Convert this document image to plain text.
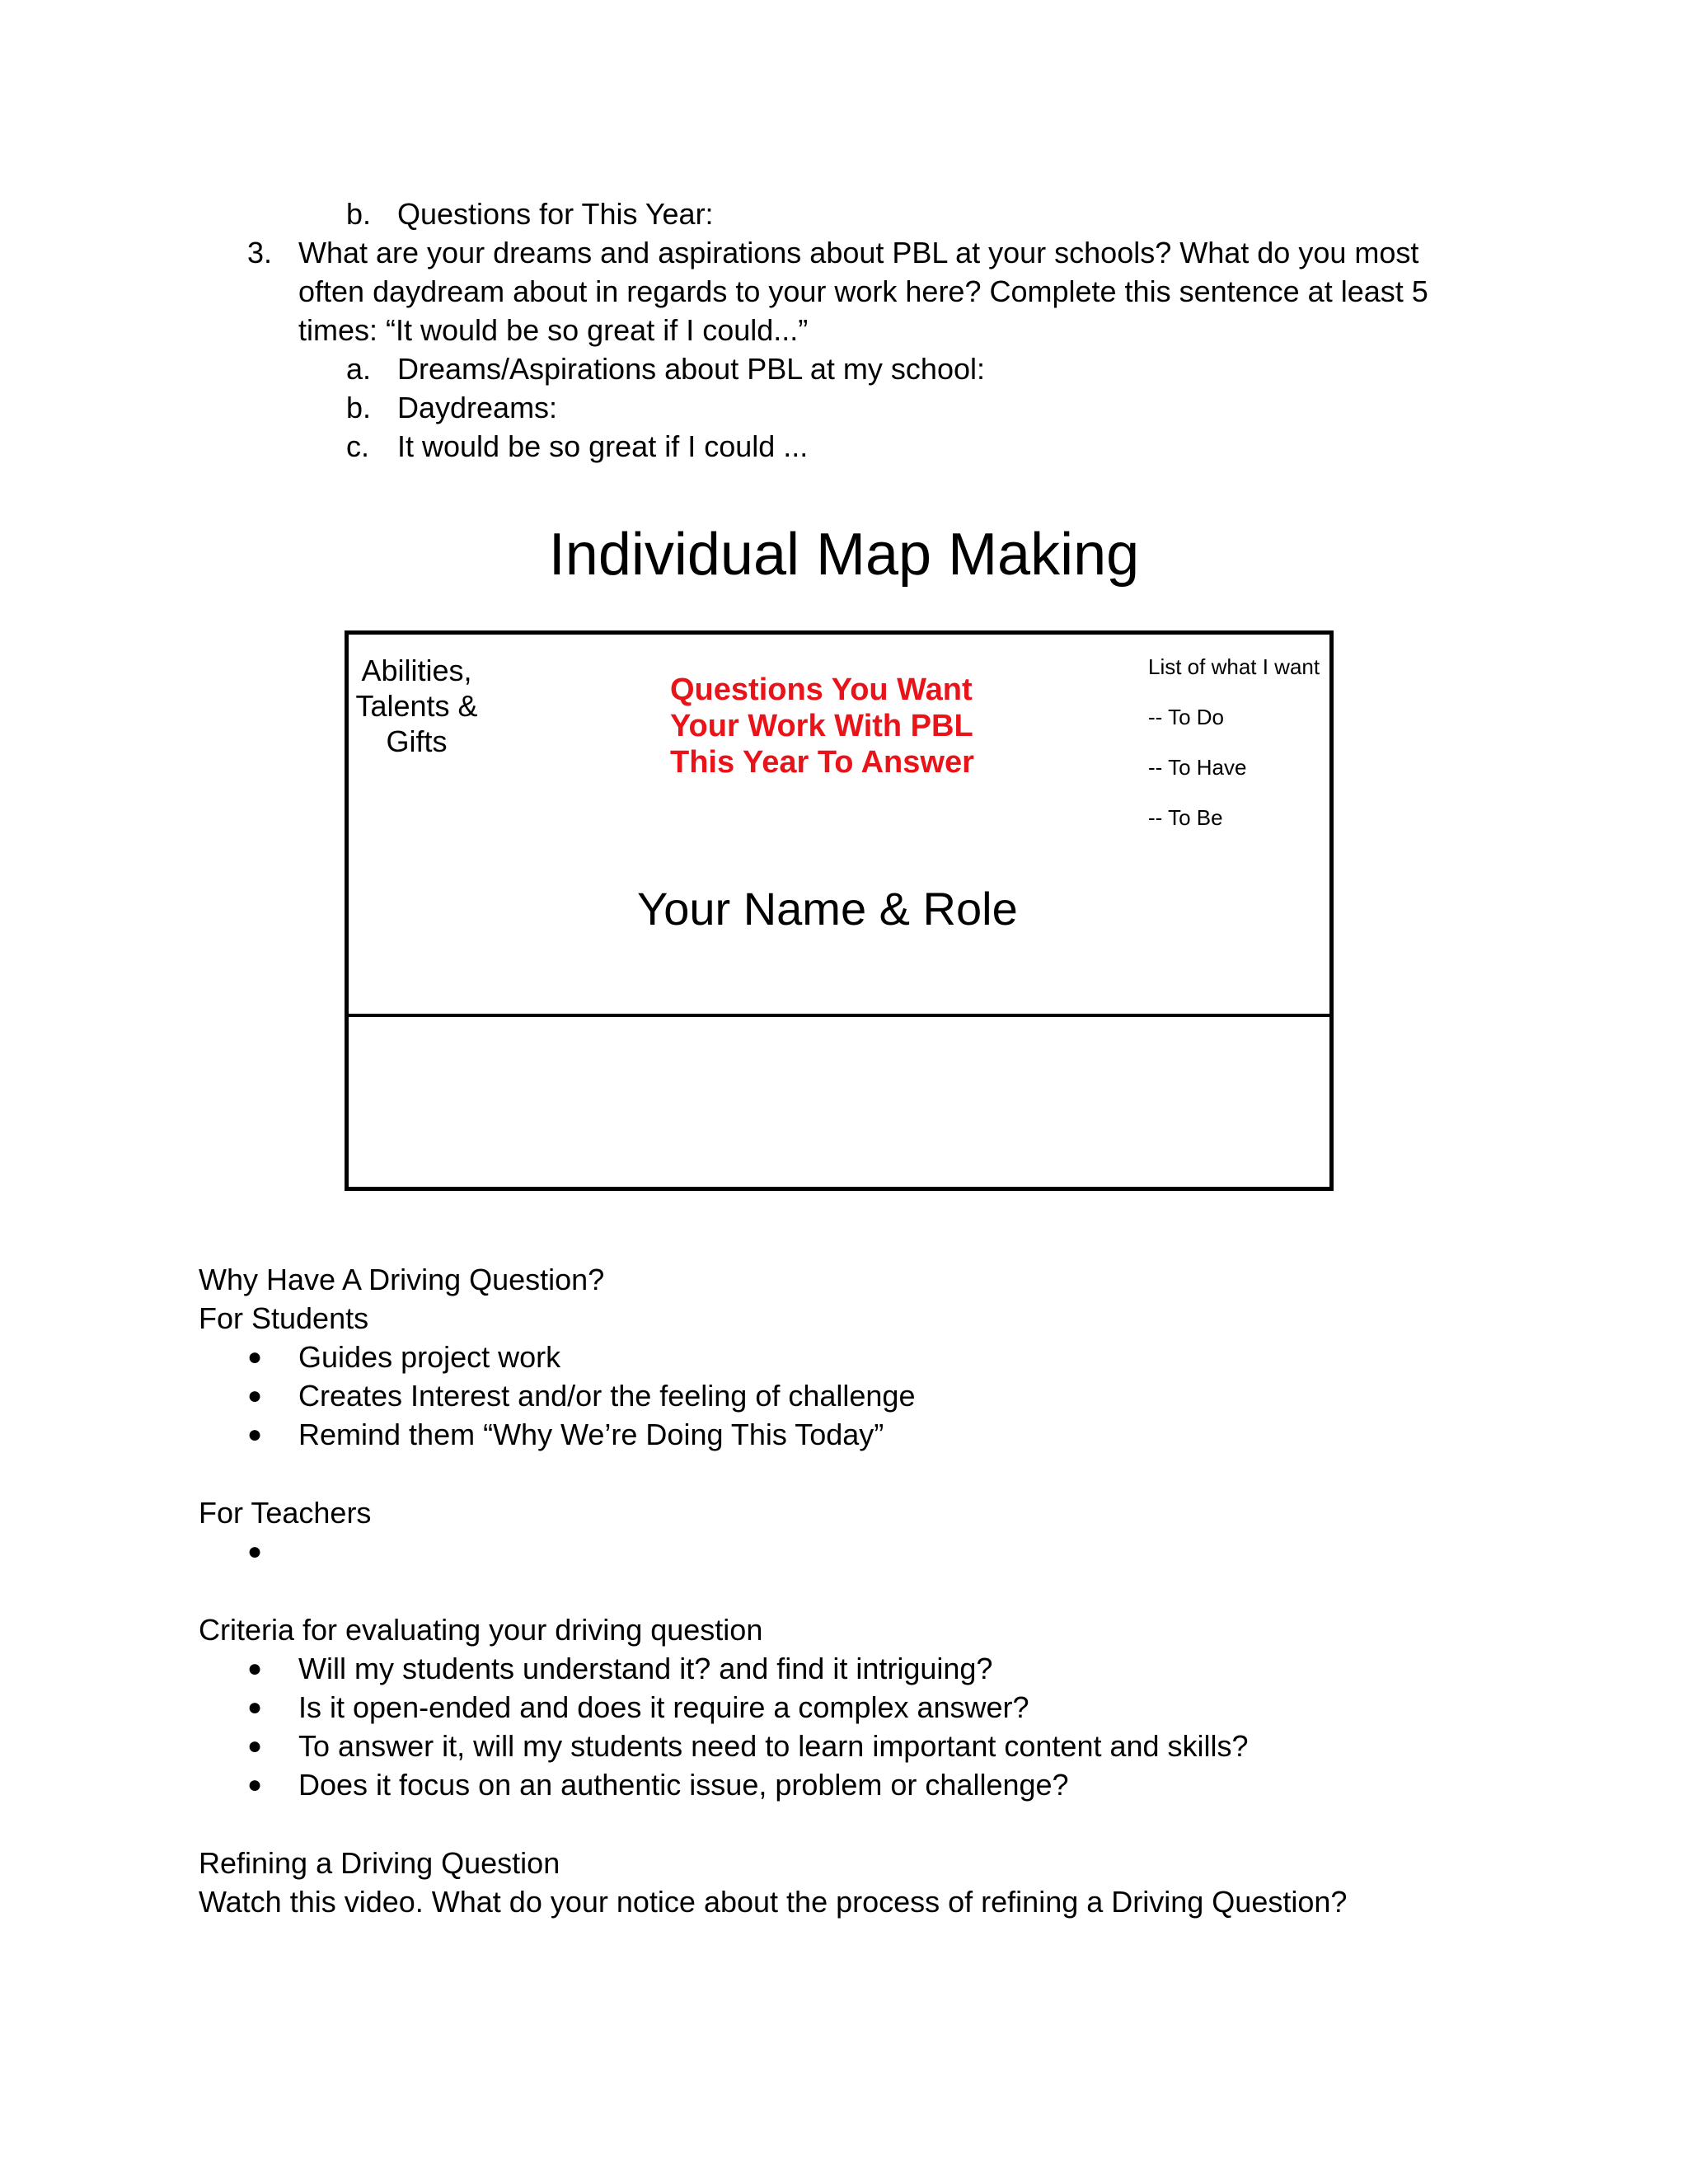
b. Questions for This Year:
3. What are your dreams and aspirations about PBL at your schools? What do you most
often daydream about in regards to your work here? Complete this sentence at least 5
times: “It would be so great if I could...”
a. Dreams/Aspirations about PBL at my school:
b. Daydreams:
c. It would be so great if I could ...
Individual Map Making
Abilities,
Talents &
Gifts
Questions You Want
Your Work With PBL
This Year To Answer
List of what I want
-- To Do
-- To Have
-- To Be
Your Name & Role
Why Have A Driving Question?
For Students
● Guides project work
● Creates Interest and/or the feeling of challenge
● Remind them “Why We’re Doing This Today”
For Teachers
●
Criteria for evaluating your driving question
● Will my students understand it? and find it intriguing?
● Is it open-ended and does it require a complex answer?
● To answer it, will my students need to learn important content and skills?
● Does it focus on an authentic issue, problem or challenge?
Refining a Driving Question
Watch this video. What do your notice about the process of refining a Driving Question?
